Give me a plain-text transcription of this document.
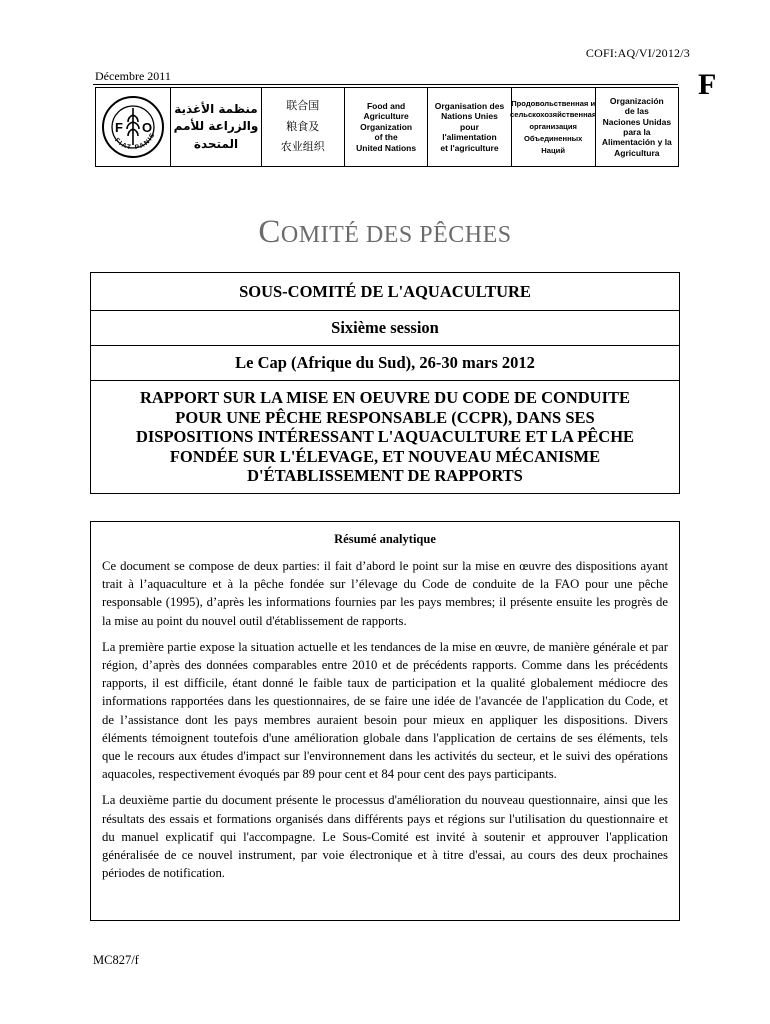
COFI:AQ/VI/2012/3
Décembre 2011	F
F O
FIAT PANIS
منظمة الأغذية
والزراعة للأمم
المتحدة
联合国
粮食及
农业组织
Food and
Agriculture
Organization
of the
United Nations
Organisation des
Nations Unies
pour
l'alimentation
et l'agriculture
Продовольственная и
сельскохозяйственная
организация
Объединенных
Наций
Organización
de las
Naciones Unidas
para la
Alimentación y la
Agricultura
COMITÉ DES PÊCHES
SOUS-COMITÉ DE L'AQUACULTURE
Sixième session
Le Cap (Afrique du Sud), 26-30 mars 2012
RAPPORT SUR LA MISE EN OEUVRE DU CODE DE CONDUITE
POUR UNE PÊCHE RESPONSABLE (CCPR), DANS SES
DISPOSITIONS INTÉRESSANT L'AQUACULTURE ET LA PÊCHE
FONDÉE SUR L'ÉLEVAGE, ET NOUVEAU MÉCANISME
D'ÉTABLISSEMENT DE RAPPORTS
Résumé analytique

Ce document se compose de deux parties: il fait d’abord le point sur la mise en œuvre des dispositions ayant trait à l’aquaculture et à la pêche fondée sur l’élevage du Code de conduite de la FAO pour une pêche responsable (1995), d’après les informations fournies par les pays membres; il présente ensuite les progrès de la mise au point du nouvel outil d'établissement de rapports.

La première partie expose la situation actuelle et les tendances de la mise en œuvre, de manière générale et par région, d’après des données comparables entre 2010 et de précédents rapports. Comme dans les précédents rapports, il est difficile, étant donné le faible taux de participation et la qualité globalement médiocre des informations rapportées dans les questionnaires, de se faire une idée de l'avancée de l'application du Code, et de l’assistance dont les pays membres auraient besoin pour mieux en appliquer les dispositions. Divers éléments témoignent toutefois d'une amélioration globale dans l'application de certains de ses éléments, tels que le recours aux études d'impact sur l'environnement dans les activités du secteur, et le suivi des opérations aquacoles, respectivement évoqués par 89 pour cent et 84 pour cent des pays participants.

La deuxième partie du document présente le processus d'amélioration du nouveau questionnaire, ainsi que les résultats des essais et formations organisés dans différents pays et régions sur l'utilisation du questionnaire et du manuel explicatif qui l'accompagne. Le Sous-Comité est invité à soutenir et approuver l'application généralisée de ce nouvel instrument, par voie électronique et à titre d'essai, au cours des deux prochaines périodes de notification.

MC827/f
